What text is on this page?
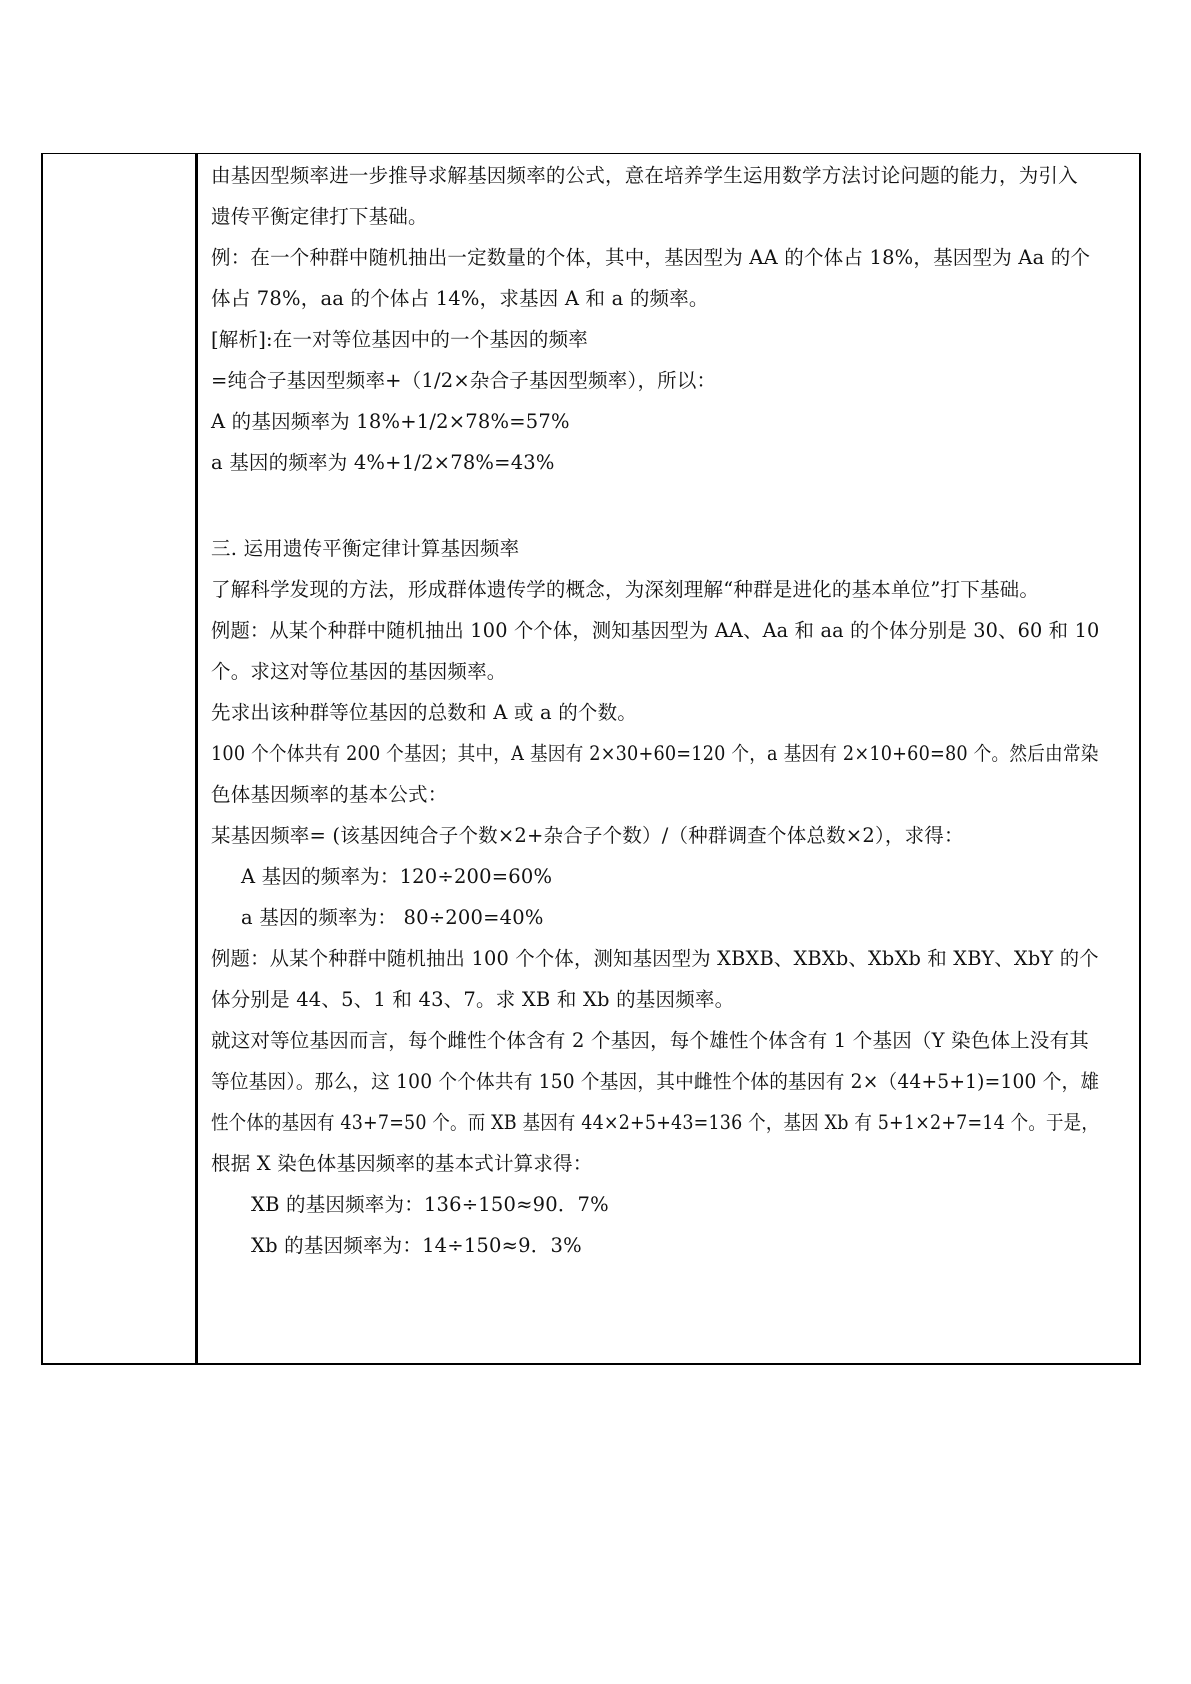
由基因型频率进一步推导求解基因频率的公式，意在培养学生运用数学方法讨论问题的能力，为引入
遗传平衡定律打下基础。
例：在一个种群中随机抽出一定数量的个体，其中，基因型为 AA 的个体占 18%，基因型为 Aa 的个
体占 78%，aa 的个体占 14%，求基因 A 和 a 的频率。
[解析]:在一对等位基因中的一个基因的频率
=纯合子基因型频率+（1/2×杂合子基因型频率），所以：
A 的基因频率为 18%+1/2×78%=57%
a 基因的频率为 4%+1/2×78%=43%
三. 运用遗传平衡定律计算基因频率
了解科学发现的方法，形成群体遗传学的概念，为深刻理解“种群是进化的基本单位”打下基础。
例题：从某个种群中随机抽出 100 个个体，测知基因型为 AA、Aa 和 aa 的个体分别是 30、60 和 10
个。求这对等位基因的基因频率。
先求出该种群等位基因的总数和 A 或 a 的个数。
100 个个体共有 200 个基因；其中，A 基因有 2×30+60=120 个，a 基因有 2×10+60=80 个。然后由常染
色体基因频率的基本公式：
某基因频率= (该基因纯合子个数×2+杂合子个数）/（种群调查个体总数×2），求得：
A 基因的频率为：120÷200=60%
a 基因的频率为： 80÷200=40%
例题：从某个种群中随机抽出 100 个个体，测知基因型为 XBXB、XBXb、XbXb 和 XBY、XbY 的个
体分别是 44、5、1 和 43、7。求 XB 和 Xb 的基因频率。
就这对等位基因而言，每个雌性个体含有 2 个基因，每个雄性个体含有 1 个基因（Y 染色体上没有其
等位基因）。那么，这 100 个个体共有 150 个基因，其中雌性个体的基因有 2×（44+5+1)=100 个，雄
性个体的基因有 43+7=50 个。而 XB 基因有 44×2+5+43=136 个，基因 Xb 有 5+1×2+7=14 个。于是，
根据 X 染色体基因频率的基本式计算求得：
XB 的基因频率为：136÷150≈90．7%
Xb 的基因频率为：14÷150≈9．3%
